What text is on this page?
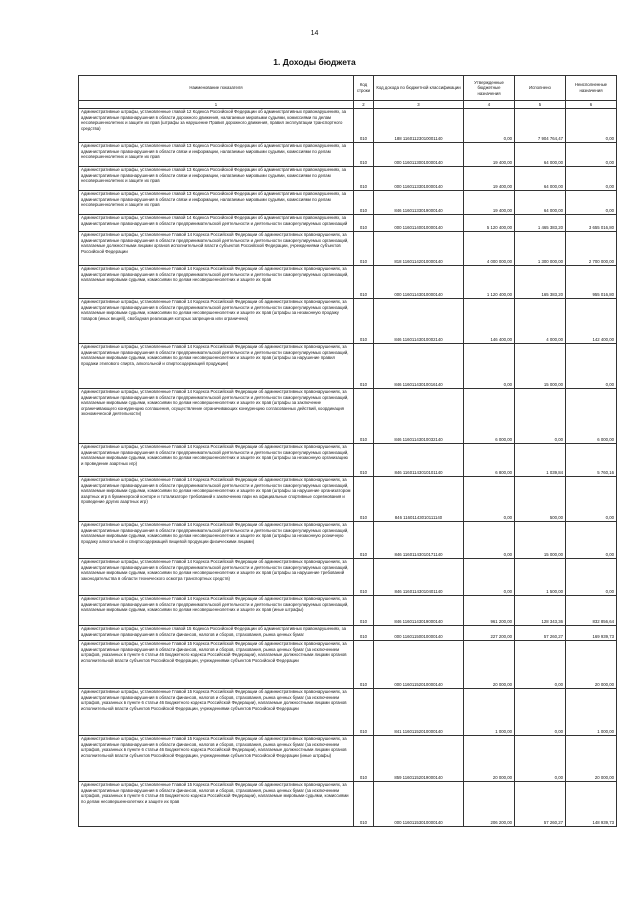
14
1. Доходы бюджета
Наименование показателя	Код строки	Код дохода по бюджетной классификации	Утвержденные бюджетные назначения	Исполнено	Неисполненные назначения
1	2	3	4	5	6
Административные штрафы, установленные главой 12 Кодекса Российской Федерации об административных правонарушениях, за административные правонарушения в области дорожного движения, налагаемые мировыми судьями, комиссиями по делам несовершеннолетних и защите их прав (штрафы за нарушение Правил дорожного движения, правил эксплуатации транспортного средства)	010	188 11601123010001140	0,00	7 904 764,47	0,00
Административные штрафы, установленные главой 13 Кодекса Российской Федерации об административных правонарушениях, за административные правонарушения в области связи и информации, налагаемые мировыми судьями, комиссиями по делам несовершеннолетних и защите их прав	010	000 11601130010000140	19 400,00	64 000,00	0,00
Административные штрафы, установленные главой 13 Кодекса Российской Федерации об административных правонарушениях, за административные правонарушения в области связи и информации, налагаемые мировыми судьями, комиссиями по делам несовершеннолетних и защите их прав	010	000 11601133010000140	19 400,00	64 000,00	0,00
Административные штрафы, установленные главой 13 Кодекса Российской Федерации об административных правонарушениях, за административные правонарушения в области связи и информации, налагаемые мировыми судьями, комиссиями по делам несовершеннолетних и защите их прав	010	846 11601133019000140	19 400,00	64 000,00	0,00
Административные штрафы, установленные главой 14 Кодекса Российской Федерации об административных правонарушениях, за административные правонарушения в области предпринимательской деятельности и деятельности саморегулируемых организаций	010	000 11601140010000140	5 120 400,00	1 465 383,20	3 655 016,80
Административные штрафы, установленные Главой 14 Кодекса Российской Федерации об административных правонарушениях, за административные правонарушения в области предпринимательской деятельности и деятельности саморегулируемых организаций, налагаемые должностными лицами органов исполнительной власти субъектов Российской Федерации, учреждениями субъектов Российской Федерации	010	818 11601142010000140	4 000 000,00	1 300 000,00	2 700 000,00
Административные штрафы, установленные Главой 14 Кодекса Российской Федерации об административных правонарушениях, за административные правонарушения в области предпринимательской деятельности и деятельности саморегулируемых организаций, налагаемые мировыми судьями, комиссиями по делам несовершеннолетних и защите их прав	010	000 11601143010000140	1 120 400,00	165 383,20	955 016,80
Административные штрафы, установленные Главой 14 Кодекса Российской Федерации об административных правонарушениях, за административные правонарушения в области предпринимательской деятельности и деятельности саморегулируемых организаций, налагаемые мировыми судьями, комиссиями по делам несовершеннолетних и защите их прав (штрафы за незаконную продажу товаров (иных вещей), свободная реализация которых запрещена или ограничена)	010	846 11601143010002140	146 400,00	4 000,00	142 400,00
Административные штрафы, установленные Главой 14 Кодекса Российской Федерации об административных правонарушениях, за административные правонарушения в области предпринимательской деятельности и деятельности саморегулируемых организаций, налагаемые мировыми судьями, комиссиями по делам несовершеннолетних и защите их прав (штрафы за нарушение правил продажи этилового спирта, алкогольной и спиртосодержащей продукции)	010	846 11601143010016140	0,00	15 000,00	0,00
Административные штрафы, установленные Главой 14 Кодекса Российской Федерации об административных правонарушениях, за административные правонарушения в области предпринимательской деятельности и деятельности саморегулируемых организаций, налагаемые мировыми судьями, комиссиями по делам несовершеннолетних и защите их прав (штрафы за заключение ограничивающего конкуренцию соглашения, осуществление ограничивающих конкуренцию согласованных действий, координация экономической деятельности)	010	846 11601143010032140	6 000,00	0,00	6 000,00
Административные штрафы, установленные Главой 14 Кодекса Российской Федерации об административных правонарушениях, за административные правонарушения в области предпринимательской деятельности и деятельности саморегулируемых организаций, налагаемые мировыми судьями, комиссиями по делам несовершеннолетних и защите их прав (штрафы за незаконную организацию и проведение азартных игр)	010	846 11601143010101140	6 800,00	1 039,84	5 760,16
Административные штрафы, установленные Главой 14 Кодекса Российской Федерации об административных правонарушениях, за административные правонарушения в области предпринимательской деятельности и деятельности саморегулируемых организаций, налагаемые мировыми судьями, комиссиями по делам несовершеннолетних и защите их прав (штрафы за нарушение организатором азартных игр в букмекерской конторе и тотализаторе требований к заключению пари на официальные спортивные соревнования и проведение других азартных игр)	010	846 11601143010111140	0,00	500,00	0,00
Административные штрафы, установленные Главой 14 Кодекса Российской Федерации об административных правонарушениях, за административные правонарушения в области предпринимательской деятельности и деятельности саморегулируемых организаций, налагаемые мировыми судьями, комиссиями по делам несовершеннолетних и защите их прав (штрафы за незаконную розничную продажу алкогольной и спиртосодержащей пищевой продукции физическими лицами)	010	846 11601143010171140	0,00	15 000,00	0,00
Административные штрафы, установленные Главой 14 Кодекса Российской Федерации об административных правонарушениях, за административные правонарушения в области предпринимательской деятельности и деятельности саморегулируемых организаций, налагаемые мировыми судьями, комиссиями по делам несовершеннолетних и защите их прав (штрафы за нарушение требований законодательства в области технического осмотра транспортных средств)	010	846 11601143010401140	0,00	1 500,00	0,00
Административные штрафы, установленные Главой 14 Кодекса Российской Федерации об административных правонарушениях, за административные правонарушения в области предпринимательской деятельности и деятельности саморегулируемых организаций, налагаемые мировыми судьями, комиссиями по делам несовершеннолетних и защите их прав (иные штрафы)	010	846 11601143019000140	961 200,00	128 343,36	832 856,64
Административные штрафы, установленные главой 15 Кодекса Российской Федерации об административных правонарушениях, за административные правонарушения в области финансов, налогов и сборов, страхования, рынка ценных бумаг	010	000 11601150010000140	227 200,00	57 260,27	169 939,73
Административные штрафы, установленные Главой 15 Кодекса Российской Федерации об административных правонарушениях, за административные правонарушения в области финансов, налогов и сборов, страхования, рынка ценных бумаг (за исключением штрафов, указанных в пункте 6 статьи 46 Бюджетного кодекса Российской Федерации), налагаемые должностными лицами органов исполнительной власти субъектов Российской Федерации, учреждениями субъектов Российской Федерации	010	000 11601152010000140	20 000,00	0,00	20 000,00
Административные штрафы, установленные Главой 15 Кодекса Российской Федерации об административных правонарушениях, за административные правонарушения в области финансов, налогов и сборов, страхования, рынка ценных бумаг (за исключением штрафов, указанных в пункте 6 статьи 46 Бюджетного кодекса Российской Федерации), налагаемые должностными лицами органов исполнительной власти субъектов Российской Федерации, учреждениями субъектов Российской Федерации	010	841 11601152010000140	1 000,00	0,00	1 000,00
Административные штрафы, установленные Главой 15 Кодекса Российской Федерации об административных правонарушениях, за административные правонарушения в области финансов, налогов и сборов, страхования, рынка ценных бумаг (за исключением штрафов, указанных в пункте 6 статьи 46 Бюджетного кодекса Российской Федерации), налагаемые должностными лицами органов исполнительной власти субъектов Российской Федерации, учреждениями субъектов Российской Федерации (иные штрафы)	010	859 11601152019000140	20 000,00	0,00	20 000,00
Административные штрафы, установленные Главой 15 Кодекса Российской Федерации об административных правонарушениях, за административные правонарушения в области финансов, налогов и сборов, страхования, рынка ценных бумаг (за исключением штрафов, указанных в пункте 6 статьи 46 Бюджетного кодекса Российской Федерации), налагаемые мировыми судьями, комиссиями по делам несовершеннолетних и защите их прав	010	000 11601153010000140	206 200,00	57 260,27	148 939,73
